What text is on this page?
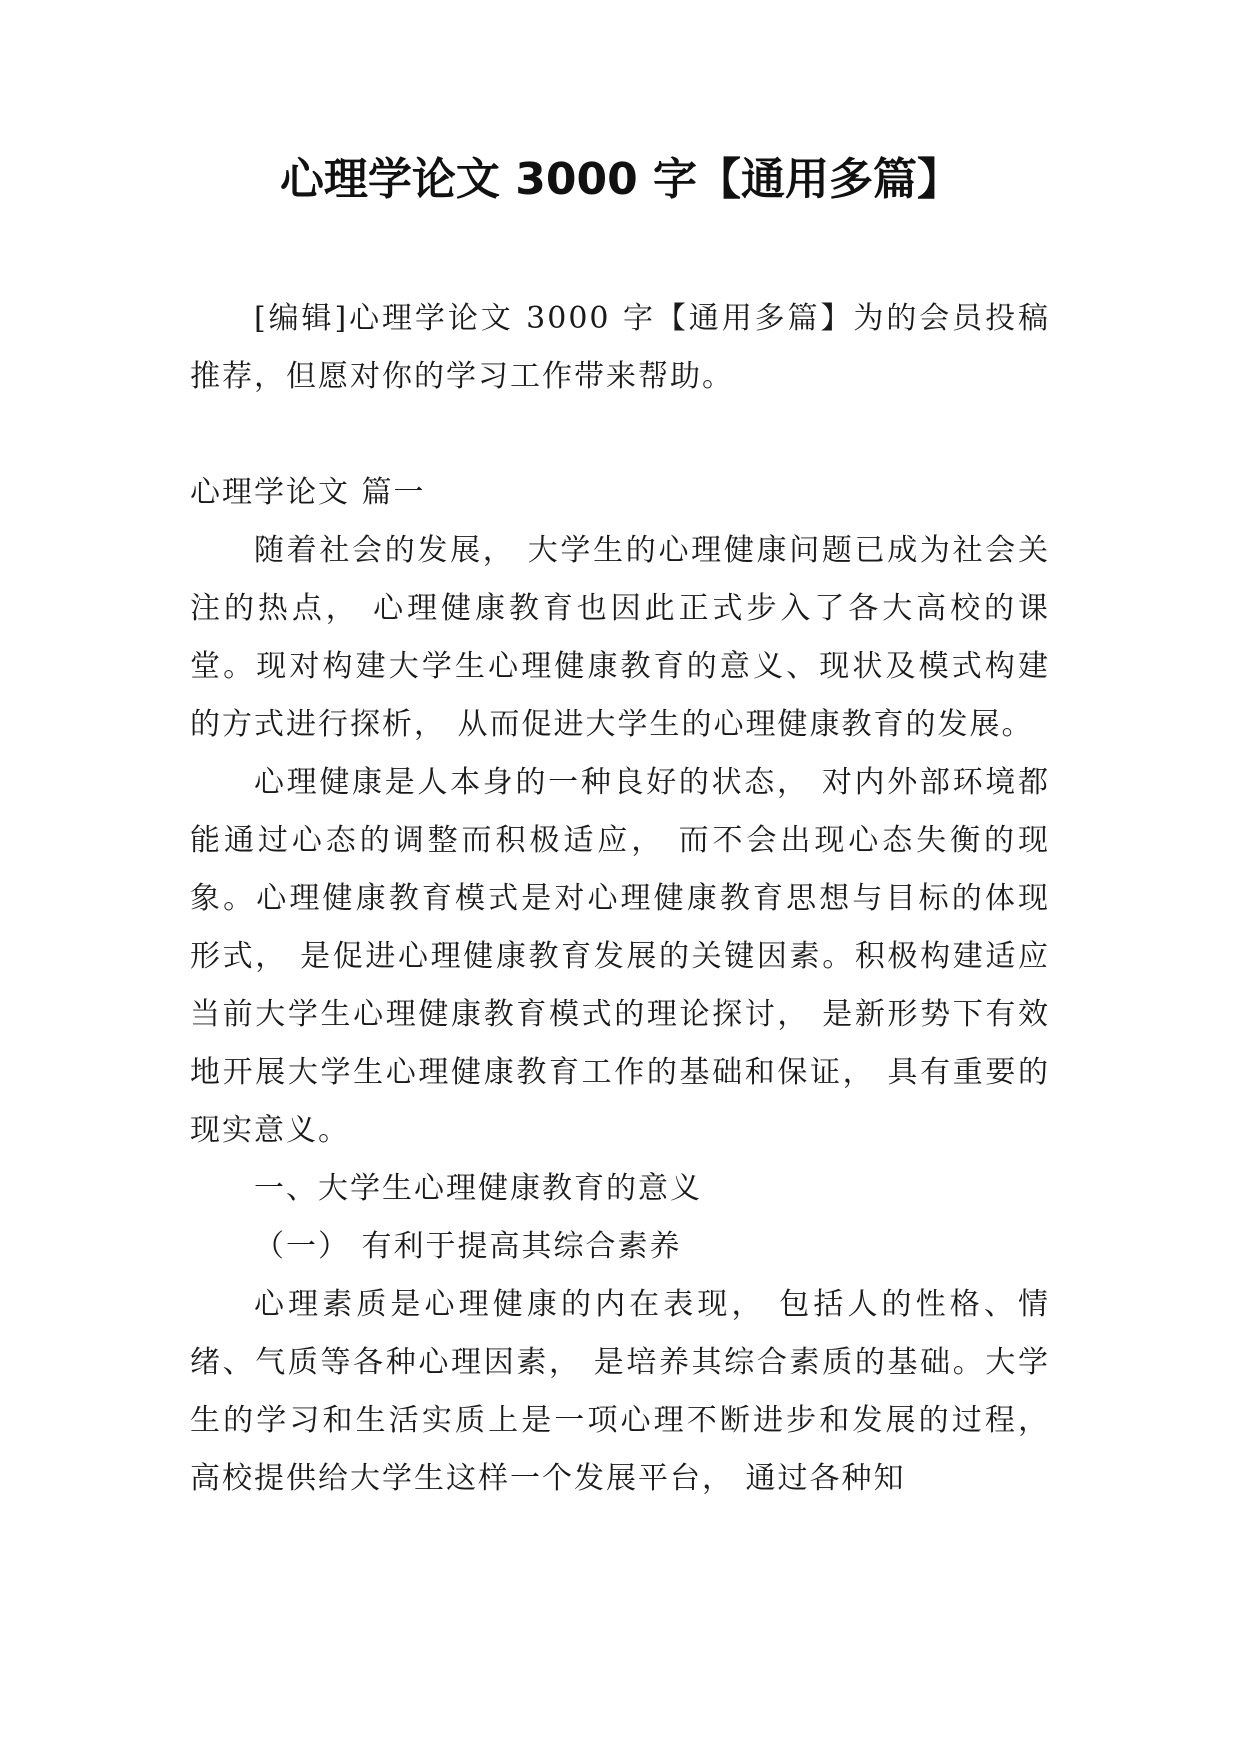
心理学论文 3000 字【通用多篇】

[编辑]心理学论文 3000 字【通用多篇】为的会员投稿推荐，但愿对你的学习工作带来帮助。

心理学论文 篇一

随着社会的发展， 大学生的心理健康问题已成为社会关注的热点， 心理健康教育也因此正式步入了各大高校的课堂。现对构建大学生心理健康教育的意义、现状及模式构建的方式进行探析， 从而促进大学生的心理健康教育的发展。

心理健康是人本身的一种良好的状态， 对内外部环境都能通过心态的调整而积极适应， 而不会出现心态失衡的现象。心理健康教育模式是对心理健康教育思想与目标的体现形式， 是促进心理健康教育发展的关键因素。积极构建适应当前大学生心理健康教育模式的理论探讨， 是新形势下有效地开展大学生心理健康教育工作的基础和保证， 具有重要的现实意义。

一、大学生心理健康教育的意义

（一） 有利于提高其综合素养

心理素质是心理健康的内在表现， 包括人的性格、情绪、气质等各种心理因素， 是培养其综合素质的基础。大学生的学习和生活实质上是一项心理不断进步和发展的过程， 高校提供给大学生这样一个发展平台， 通过各种知
